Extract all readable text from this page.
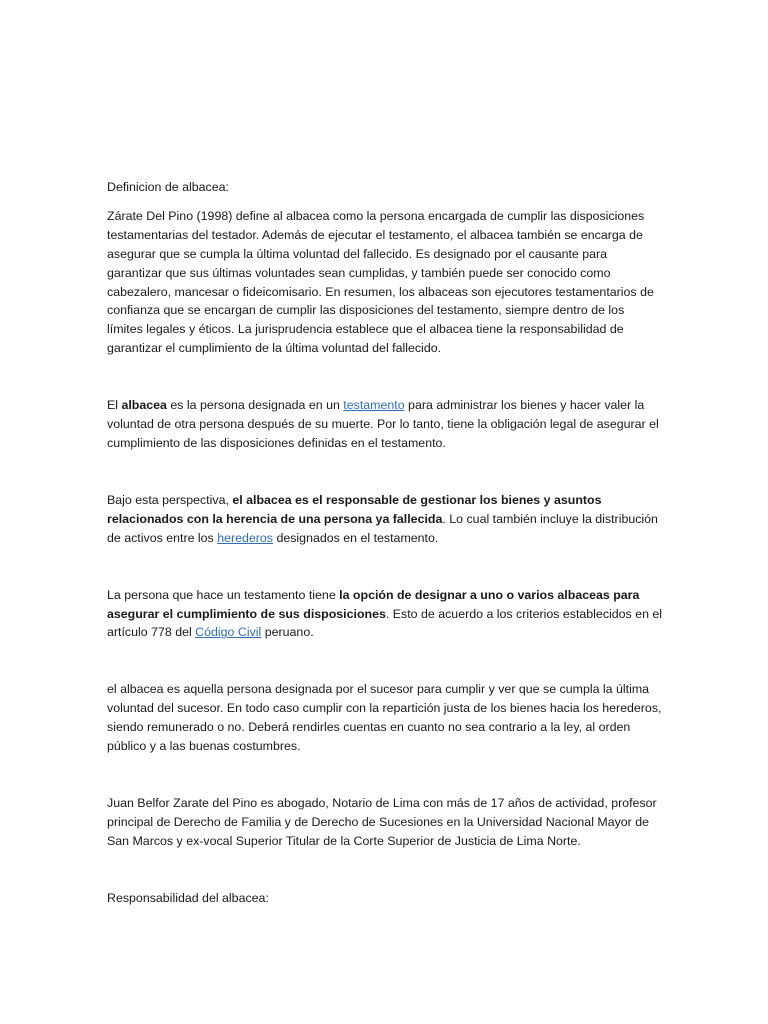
Definicion de albacea:

Zárate Del Pino (1998) define al albacea como la persona encargada de cumplir las disposiciones testamentarias del testador. Además de ejecutar el testamento, el albacea también se encarga de asegurar que se cumpla la última voluntad del fallecido. Es designado por el causante para garantizar que sus últimas voluntades sean cumplidas, y también puede ser conocido como cabezalero, mancesar o fideicomisario. En resumen, los albaceas son ejecutores testamentarios de confianza que se encargan de cumplir las disposiciones del testamento, siempre dentro de los límites legales y éticos. La jurisprudencia establece que el albacea tiene la responsabilidad de garantizar el cumplimiento de la última voluntad del fallecido.

El albacea es la persona designada en un testamento para administrar los bienes y hacer valer la voluntad de otra persona después de su muerte. Por lo tanto, tiene la obligación legal de asegurar el cumplimiento de las disposiciones definidas en el testamento.

Bajo esta perspectiva, el albacea es el responsable de gestionar los bienes y asuntos relacionados con la herencia de una persona ya fallecida. Lo cual también incluye la distribución de activos entre los herederos designados en el testamento.

La persona que hace un testamento tiene la opción de designar a uno o varios albaceas para asegurar el cumplimiento de sus disposiciones. Esto de acuerdo a los criterios establecidos en el artículo 778 del Código Civil peruano.

el albacea es aquella persona designada por el sucesor para cumplir y ver que se cumpla la última voluntad del sucesor. En todo caso cumplir con la repartición justa de los bienes hacia los herederos, siendo remunerado o no. Deberá rendirles cuentas en cuanto no sea contrario a la ley, al orden público y a las buenas costumbres.

Juan Belfor Zarate del Pino es abogado, Notario de Lima con más de 17 años de actividad, profesor principal de Derecho de Familia y de Derecho de Sucesiones en la Universidad Nacional Mayor de San Marcos y ex-vocal Superior Titular de la Corte Superior de Justicia de Lima Norte.

Responsabilidad del albacea:
